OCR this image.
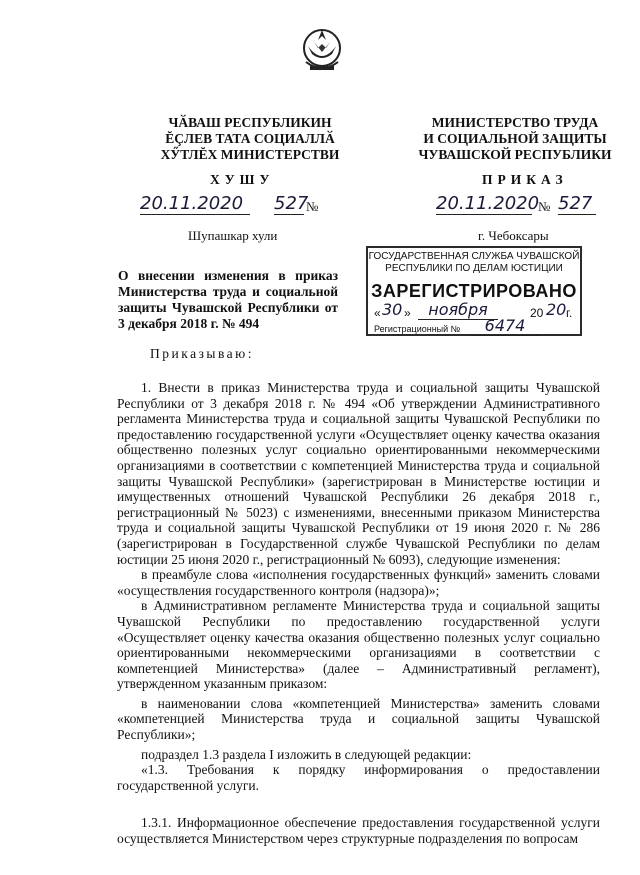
ЧӐВАШ РЕСПУБЛИКИН
ĔÇЛЕВ ТАТА СОЦИАЛЛӐ
ХӲТЛĔХ МИНИСТЕРСТВИ
ХУШУ
20.11.2020	527
№
Шупашкар хули
МИНИСТЕРСТВО ТРУДА
И СОЦИАЛЬНОЙ ЗАЩИТЫ
ЧУВАШСКОЙ РЕСПУБЛИКИ
ПРИКАЗ
20.11.2020
№ 527
г. Чебоксары
ГОСУДАРСТВЕННАЯ СЛУЖБА ЧУВАШСКОЙ РЕСПУБЛИКИ ПО ДЕЛАМ ЮСТИЦИИ
ЗАРЕГИСТРИРОВАНО
« 30 »	ноября	20 20 г.
Регистрационный №	6474
О внесении изменения в приказ Министерства труда и социальной защиты Чувашской Республики от 3 декабря 2018 г. № 494
Приказываю:

1. Внести в приказ Министерства труда и социальной защиты Чувашской Республики от 3 декабря 2018 г. № 494 «Об утверждении Административного регламента Министерства труда и социальной защиты Чувашской Республики по предоставлению государственной услуги «Осуществляет оценку качества оказания общественно полезных услуг социально ориентированными некоммерческими организациями в соответствии с компетенцией Министерства труда и социальной защиты Чувашской Республики» (зарегистрирован в Министерстве юстиции и имущественных отношений Чувашской Республики 26 декабря 2018 г., регистрационный № 5023) с изменениями, внесенными приказом Министерства труда и социальной защиты Чувашской Республики от 19 июня 2020 г. № 286 (зарегистрирован в Государственной службе Чувашской Республики по делам юстиции 25 июня 2020 г., регистрационный № 6093), следующие изменения:

в преамбуле слова «исполнения государственных функций» заменить словами «осуществления государственного контроля (надзора)»;

в Административном регламенте Министерства труда и социальной защиты Чувашской Республики по предоставлению государственной услуги «Осуществляет оценку качества оказания общественно полезных услуг социально ориентированными некоммерческими организациями в соответствии с компетенцией Министерства» (далее – Административный регламент), утвержденном указанным приказом:

в наименовании слова «компетенцией Министерства» заменить словами «компетенцией Министерства труда и социальной защиты Чувашской Республики»;

подраздел 1.3 раздела I изложить в следующей редакции:

«1.3. Требования к порядку информирования о предоставлении государственной услуги.

1.3.1. Информационное обеспечение предоставления государственной услуги осуществляется Министерством через структурные подразделения по вопросам
